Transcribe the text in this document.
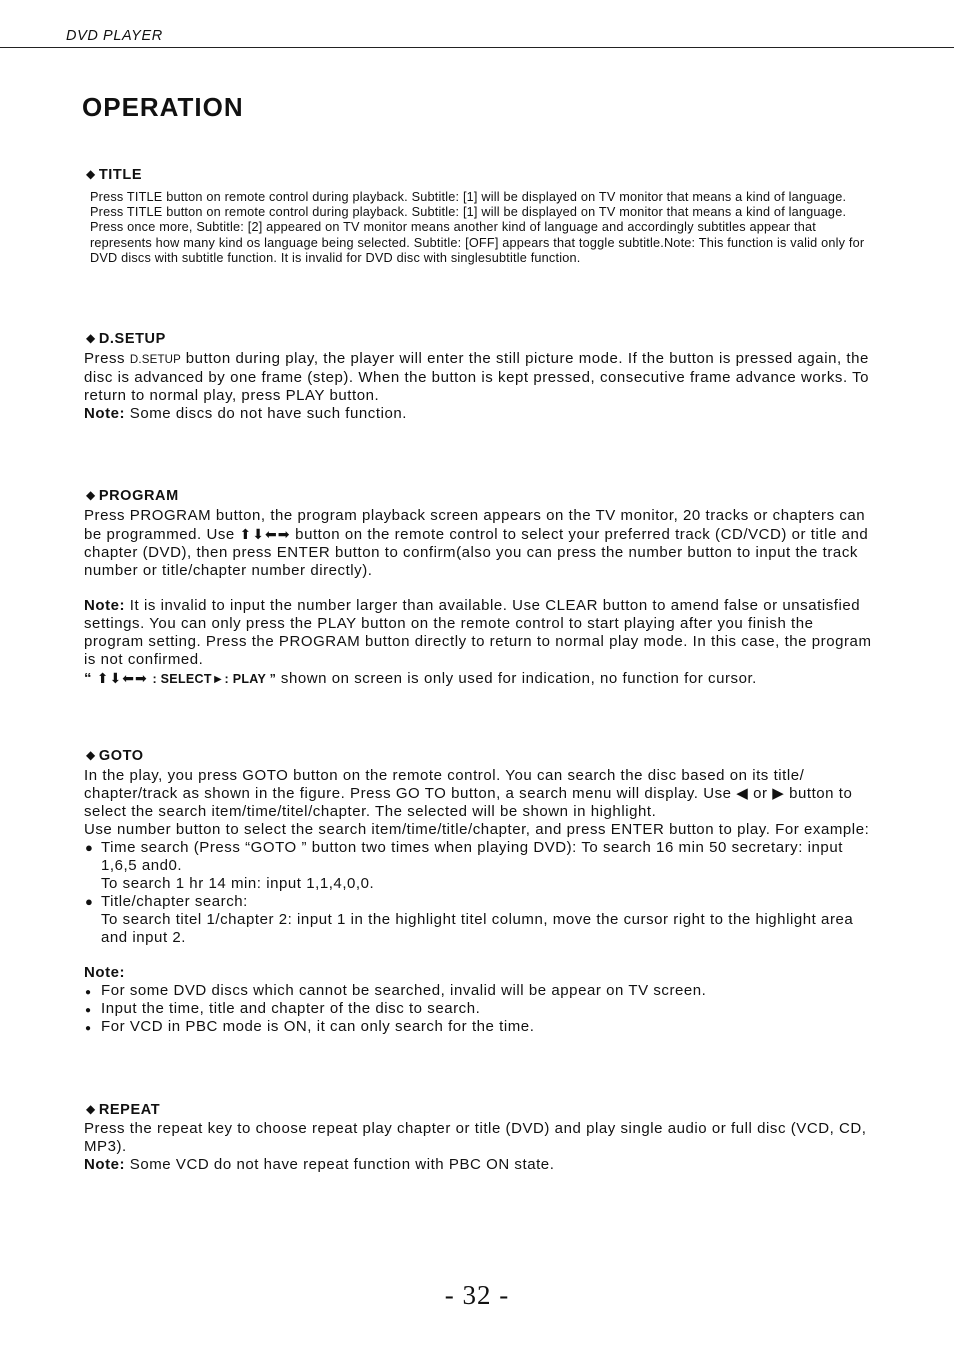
DVD PLAYER
OPERATION
◆ TITLE
Press TITLE button on remote control during playback. Subtitle: [1] will be displayed on TV monitor that means a kind of language. Press TITLE button on remote control during playback. Subtitle: [1] will be displayed on TV monitor that means a kind of language. Press once more, Subtitle: [2] appeared on TV monitor means another kind of language and accordingly subtitles appear that represents how many kind os language being selected. Subtitle: [OFF] appears that toggle subtitle.Note: This function is valid only for DVD discs with subtitle function. It is invalid for DVD disc with singlesubtitle function.
◆ D.SETUP

Press D.SETUP button during play, the player will enter the still picture mode. If the button is pressed again, the disc is advanced by one frame (step). When the button is kept pressed, consecutive frame advance works. To return to normal play, press PLAY button.

Note: Some discs do not have such function.

◆ PROGRAM

Press PROGRAM button, the program playback screen appears on the TV monitor, 20 tracks or chapters can be programmed. Use ⬆⬇⬅➡ button on the remote control to select your preferred track (CD/VCD) or title and chapter (DVD), then press ENTER button to confirm(also you can press the number button to input the track number or title/chapter number directly).

Note: It is invalid to input the number larger than available. Use CLEAR button to amend false or unsatisfied settings. You can only press the PLAY button on the remote control to start playing after you finish the program setting. Press the PROGRAM button directly to return to normal play mode. In this case, the program is not confirmed.

“ ⬆⬇⬅➡ : SELECT►: PLAY ” shown on screen is only used for indication, no function for cursor.

◆ GOTO

In the play, you press GOTO button on the remote control. You can search the disc based on its title/ chapter/track as shown in the figure. Press GO TO button, a search menu will display. Use ◀ or ▶ button to select the search item/time/titel/chapter. The selected will be shown in highlight.

Use number button to select the search item/time/title/chapter, and press ENTER button to play. For example:

● Time search (Press “GOTO ” button two times when playing DVD): To search 16 min 50 secretary: input 1,6,5 and0.
To search 1 hr 14 min: input 1,1,4,0,0.
● Title/chapter search:
To search titel 1/chapter 2: input 1 in the highlight titel column, move the cursor right to the highlight area and input 2.

Note:

● For some DVD discs which cannot be searched, invalid will be appear on TV screen.
● Input the time, title and chapter of the disc to search.
● For VCD in PBC mode is ON, it can only search for the time.
◆ REPEAT

Press the repeat key to choose repeat play chapter or title (DVD) and play single audio or full disc (VCD, CD, MP3).

Note: Some VCD do not have repeat function with PBC ON state.

- 32 -
